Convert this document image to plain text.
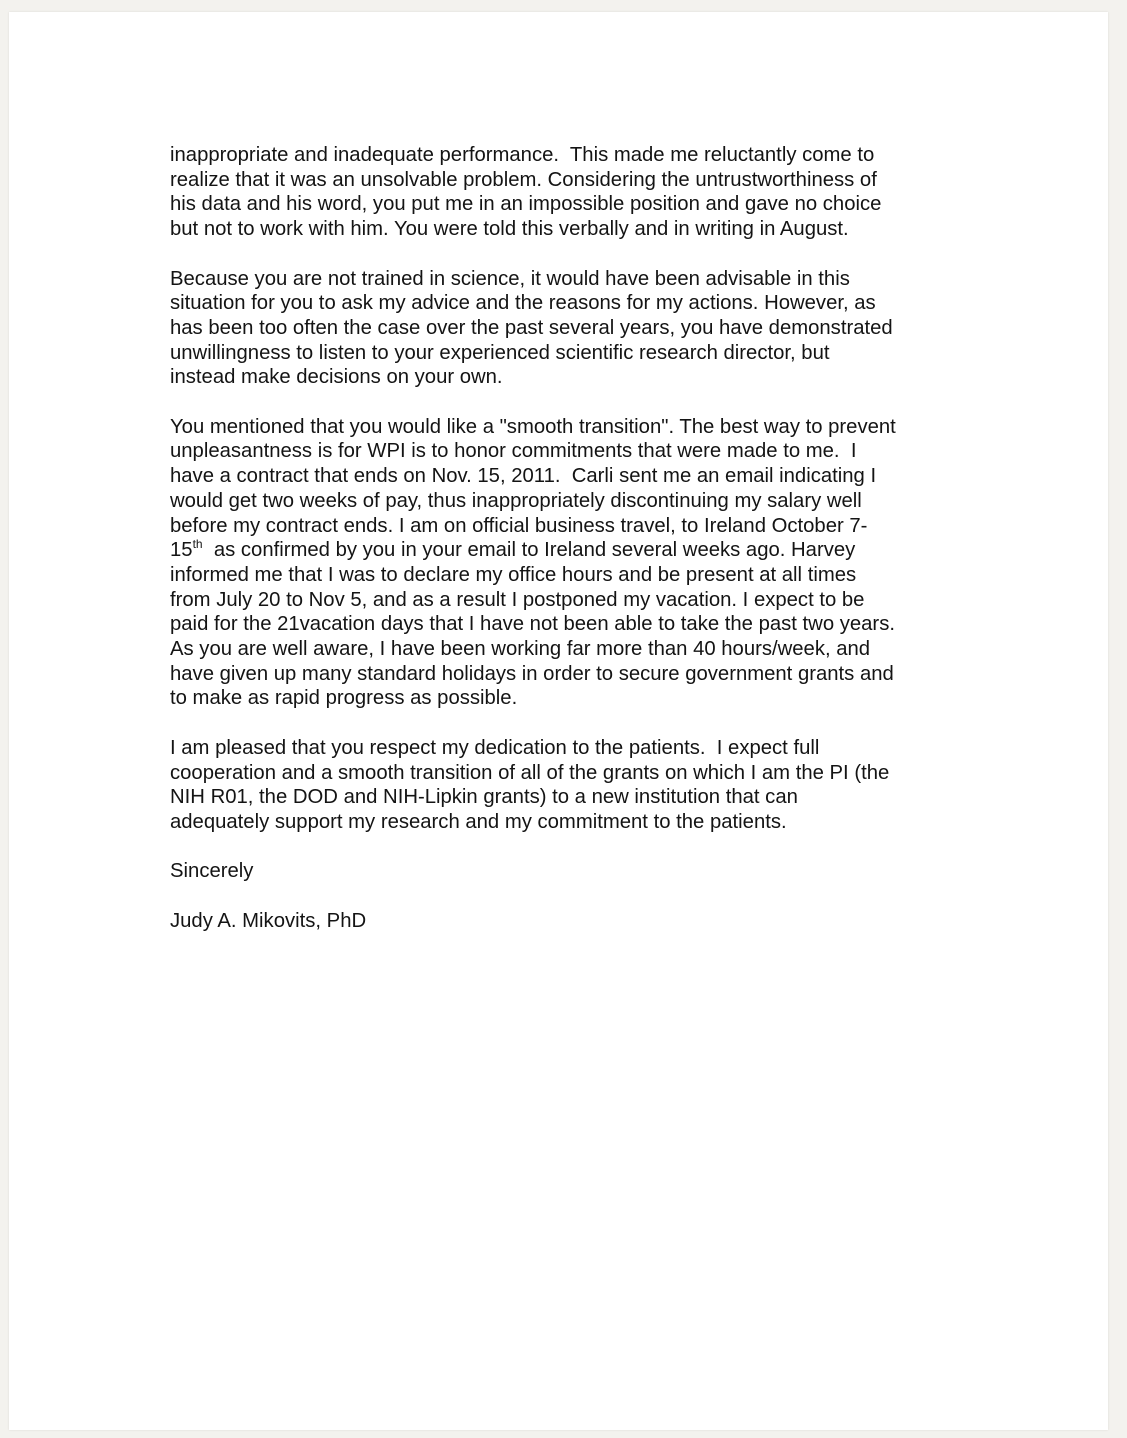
inappropriate and inadequate performance.  This made me reluctantly come to
realize that it was an unsolvable problem. Considering the untrustworthiness of
his data and his word, you put me in an impossible position and gave no choice
but not to work with him. You were told this verbally and in writing in August.

Because you are not trained in science, it would have been advisable in this
situation for you to ask my advice and the reasons for my actions. However, as
has been too often the case over the past several years, you have demonstrated
unwillingness to listen to your experienced scientific research director, but
instead make decisions on your own.

You mentioned that you would like a "smooth transition". The best way to prevent
unpleasantness is for WPI is to honor commitments that were made to me.  I
have a contract that ends on Nov. 15, 2011.  Carli sent me an email indicating I
would get two weeks of pay, thus inappropriately discontinuing my salary well
before my contract ends. I am on official business travel, to Ireland October 7-
15th  as confirmed by you in your email to Ireland several weeks ago. Harvey
informed me that I was to declare my office hours and be present at all times
from July 20 to Nov 5, and as a result I postponed my vacation. I expect to be
paid for the 21vacation days that I have not been able to take the past two years.
As you are well aware, I have been working far more than 40 hours/week, and
have given up many standard holidays in order to secure government grants and
to make as rapid progress as possible.

I am pleased that you respect my dedication to the patients.  I expect full
cooperation and a smooth transition of all of the grants on which I am the PI (the
NIH R01, the DOD and NIH-Lipkin grants) to a new institution that can
adequately support my research and my commitment to the patients.

Sincerely

Judy A. Mikovits, PhD
